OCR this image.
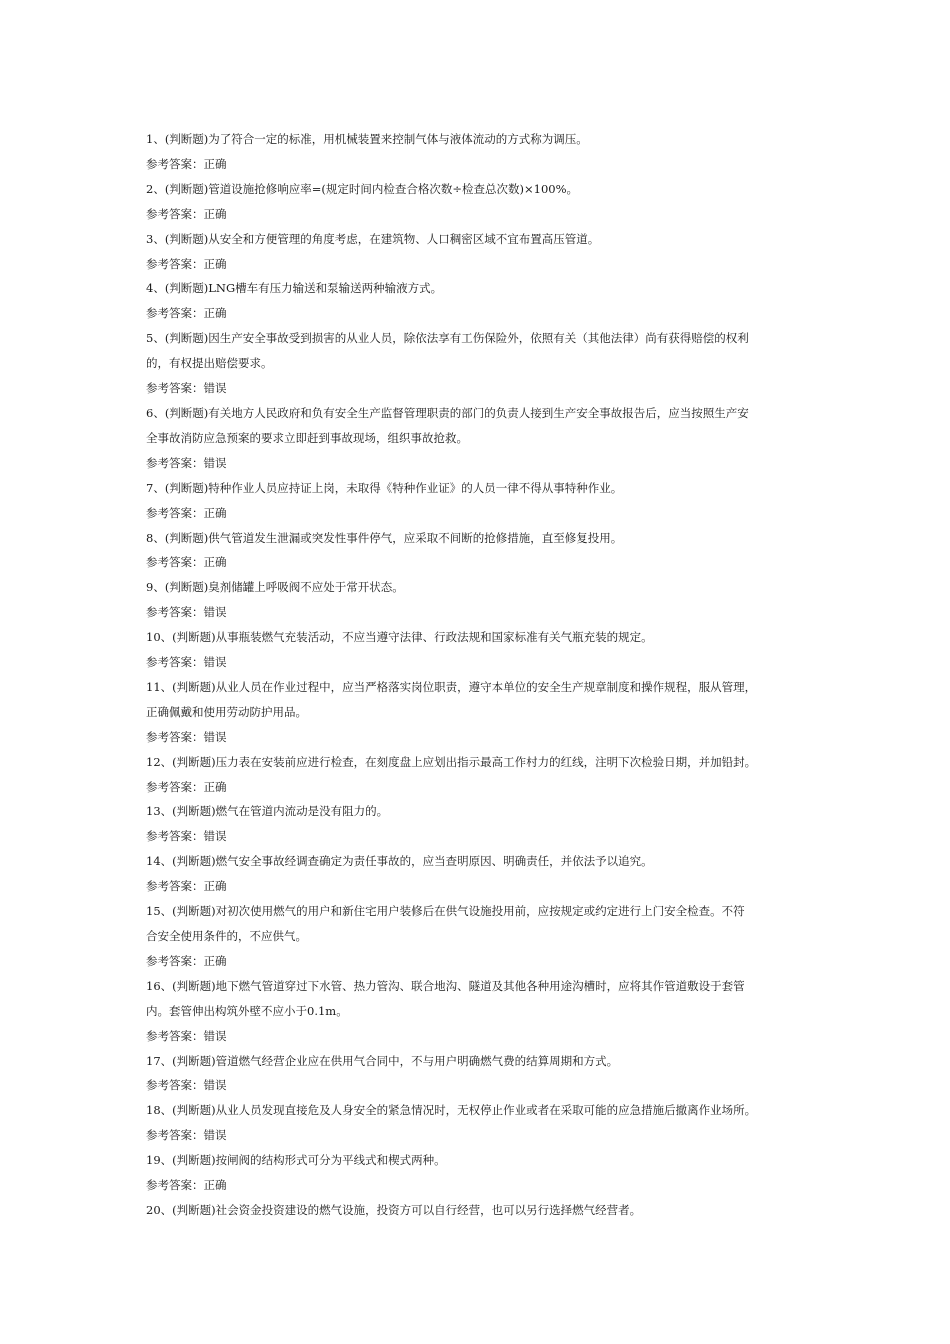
1、(判断题)为了符合一定的标准，用机械装置来控制气体与液体流动的方式称为调压。
参考答案：正确
2、(判断题)管道设施抢修响应率=(规定时间内检查合格次数÷检查总次数)×100%。
参考答案：正确
3、(判断题)从安全和方便管理的角度考虑，在建筑物、人口稠密区域不宜布置高压管道。
参考答案：正确
4、(判断题)LNG槽车有压力输送和泵输送两种输液方式。
参考答案：正确
5、(判断题)因生产安全事故受到损害的从业人员，除依法享有工伤保险外，依照有关（其他法律）尚有获得赔偿的权利
的，有权提出赔偿要求。
参考答案：错误
6、(判断题)有关地方人民政府和负有安全生产监督管理职责的部门的负责人接到生产安全事故报告后，应当按照生产安
全事故消防应急预案的要求立即赶到事故现场，组织事故抢救。
参考答案：错误
7、(判断题)特种作业人员应持证上岗，未取得《特种作业证》的人员一律不得从事特种作业。
参考答案：正确
8、(判断题)供气管道发生泄漏或突发性事件停气，应采取不间断的抢修措施，直至修复投用。
参考答案：正确
9、(判断题)臭剂储罐上呼吸阀不应处于常开状态。
参考答案：错误
10、(判断题)从事瓶装燃气充装活动，不应当遵守法律、行政法规和国家标准有关气瓶充装的规定。
参考答案：错误
11、(判断题)从业人员在作业过程中，应当严格落实岗位职责，遵守本单位的安全生产规章制度和操作规程，服从管理，
正确佩戴和使用劳动防护用品。
参考答案：错误
12、(判断题)压力表在安装前应进行检查，在刻度盘上应划出指示最高工作村力的红线，注明下次检验日期，并加铅封。
参考答案：正确
13、(判断题)燃气在管道内流动是没有阻力的。
参考答案：错误
14、(判断题)燃气安全事故经调查确定为责任事故的，应当查明原因、明确责任，并依法予以追究。
参考答案：正确
15、(判断题)对初次使用燃气的用户和新住宅用户装修后在供气设施投用前，应按规定或约定进行上门安全检查。不符
合安全使用条件的，不应供气。
参考答案：正确
16、(判断题)地下燃气管道穿过下水管、热力管沟、联合地沟、隧道及其他各种用途沟槽时，应将其作管道敷设于套管
内。套管伸出构筑外壁不应小于0.1m。
参考答案：错误
17、(判断题)管道燃气经营企业应在供用气合同中，不与用户明确燃气费的结算周期和方式。
参考答案：错误
18、(判断题)从业人员发现直接危及人身安全的紧急情况时，无权停止作业或者在采取可能的应急措施后撤离作业场所。
参考答案：错误
19、(判断题)按闸阀的结构形式可分为平线式和楔式两种。
参考答案：正确
20、(判断题)社会资金投资建设的燃气设施，投资方可以自行经营，也可以另行选择燃气经营者。
